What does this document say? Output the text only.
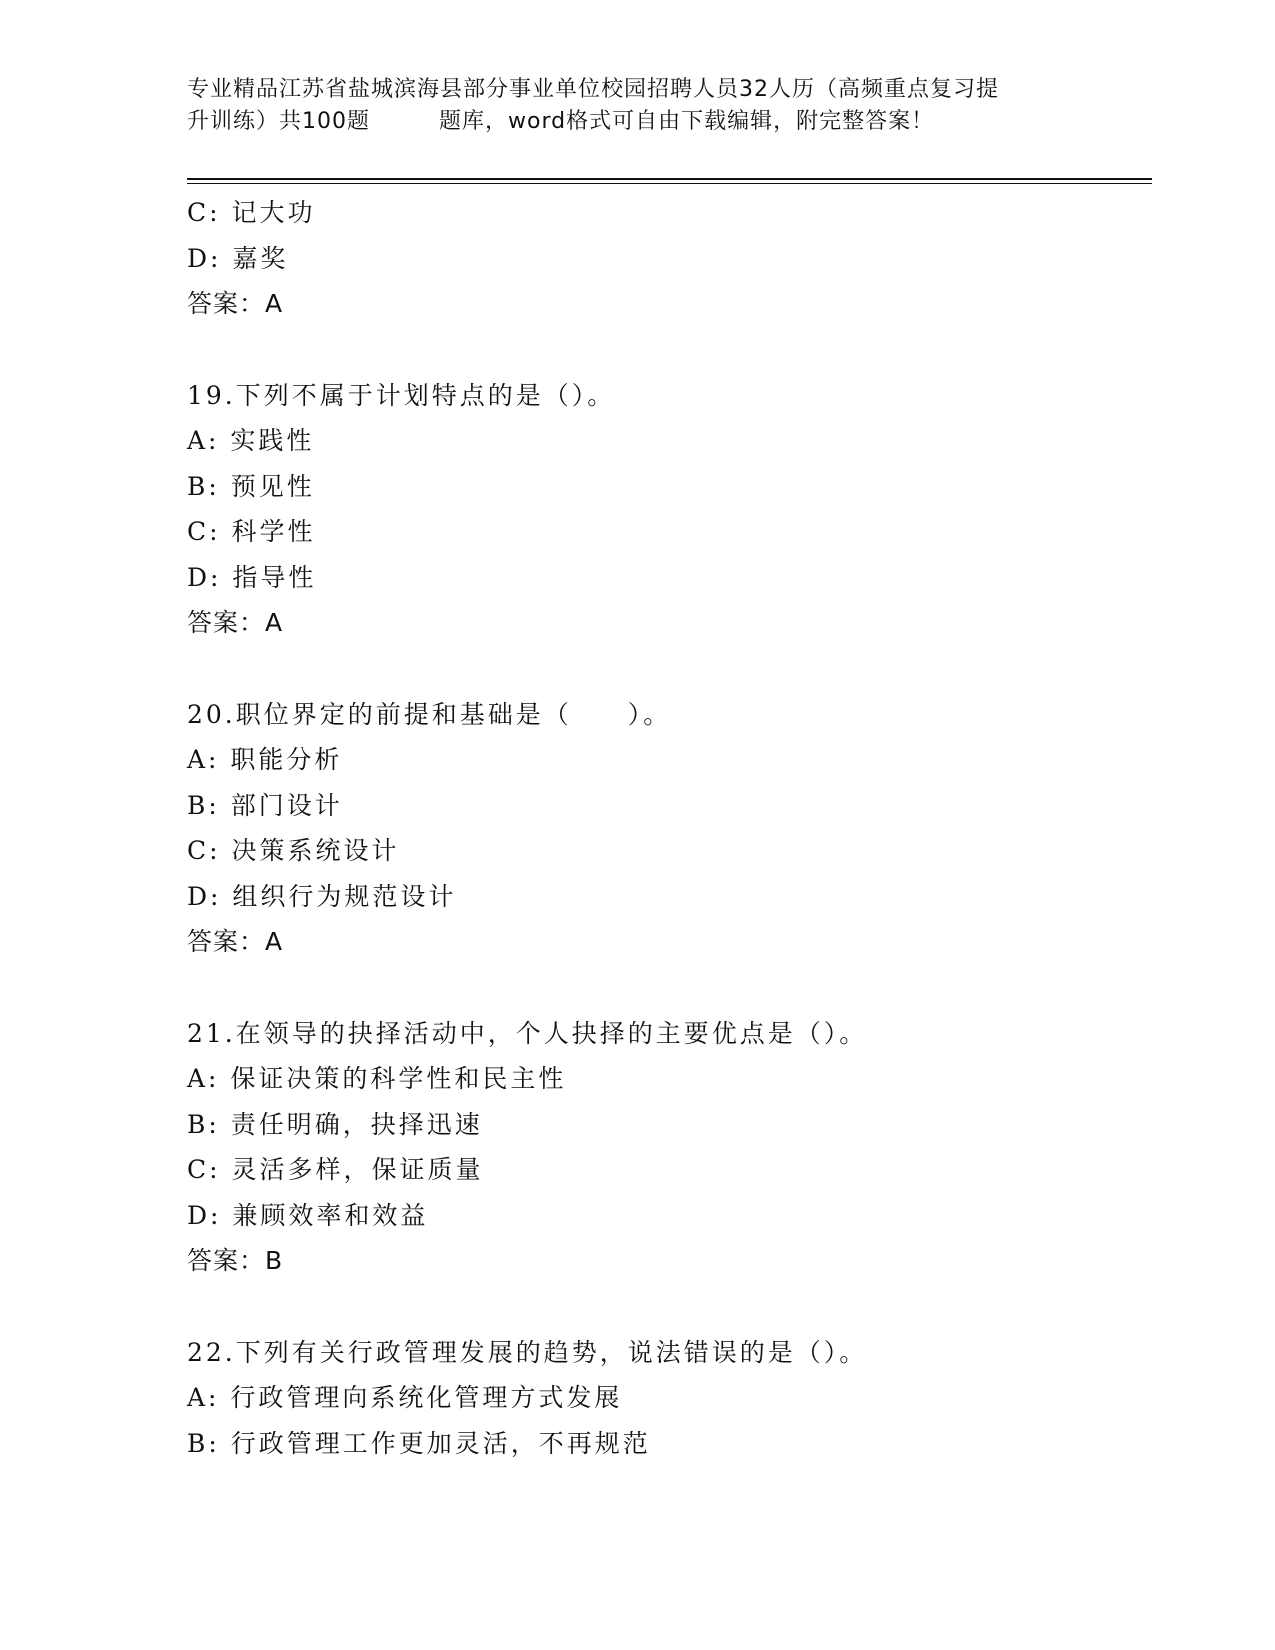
专业精品江苏省盐城滨海县部分事业单位校园招聘人员32人历（高频重点复习提
升训练）共100题　　　题库，word格式可自由下载编辑，附完整答案！
C: 记大功
D: 嘉奖
答案：A
19.下列不属于计划特点的是（）。
A: 实践性
B: 预见性
C: 科学性
D: 指导性
答案：A
20.职位界定的前提和基础是（　　）。
A: 职能分析
B: 部门设计
C: 决策系统设计
D: 组织行为规范设计
答案：A
21.在领导的抉择活动中，个人抉择的主要优点是（）。
A: 保证决策的科学性和民主性
B: 责任明确，抉择迅速
C: 灵活多样，保证质量
D: 兼顾效率和效益
答案：B
22.下列有关行政管理发展的趋势，说法错误的是（）。
A: 行政管理向系统化管理方式发展
B: 行政管理工作更加灵活，不再规范
